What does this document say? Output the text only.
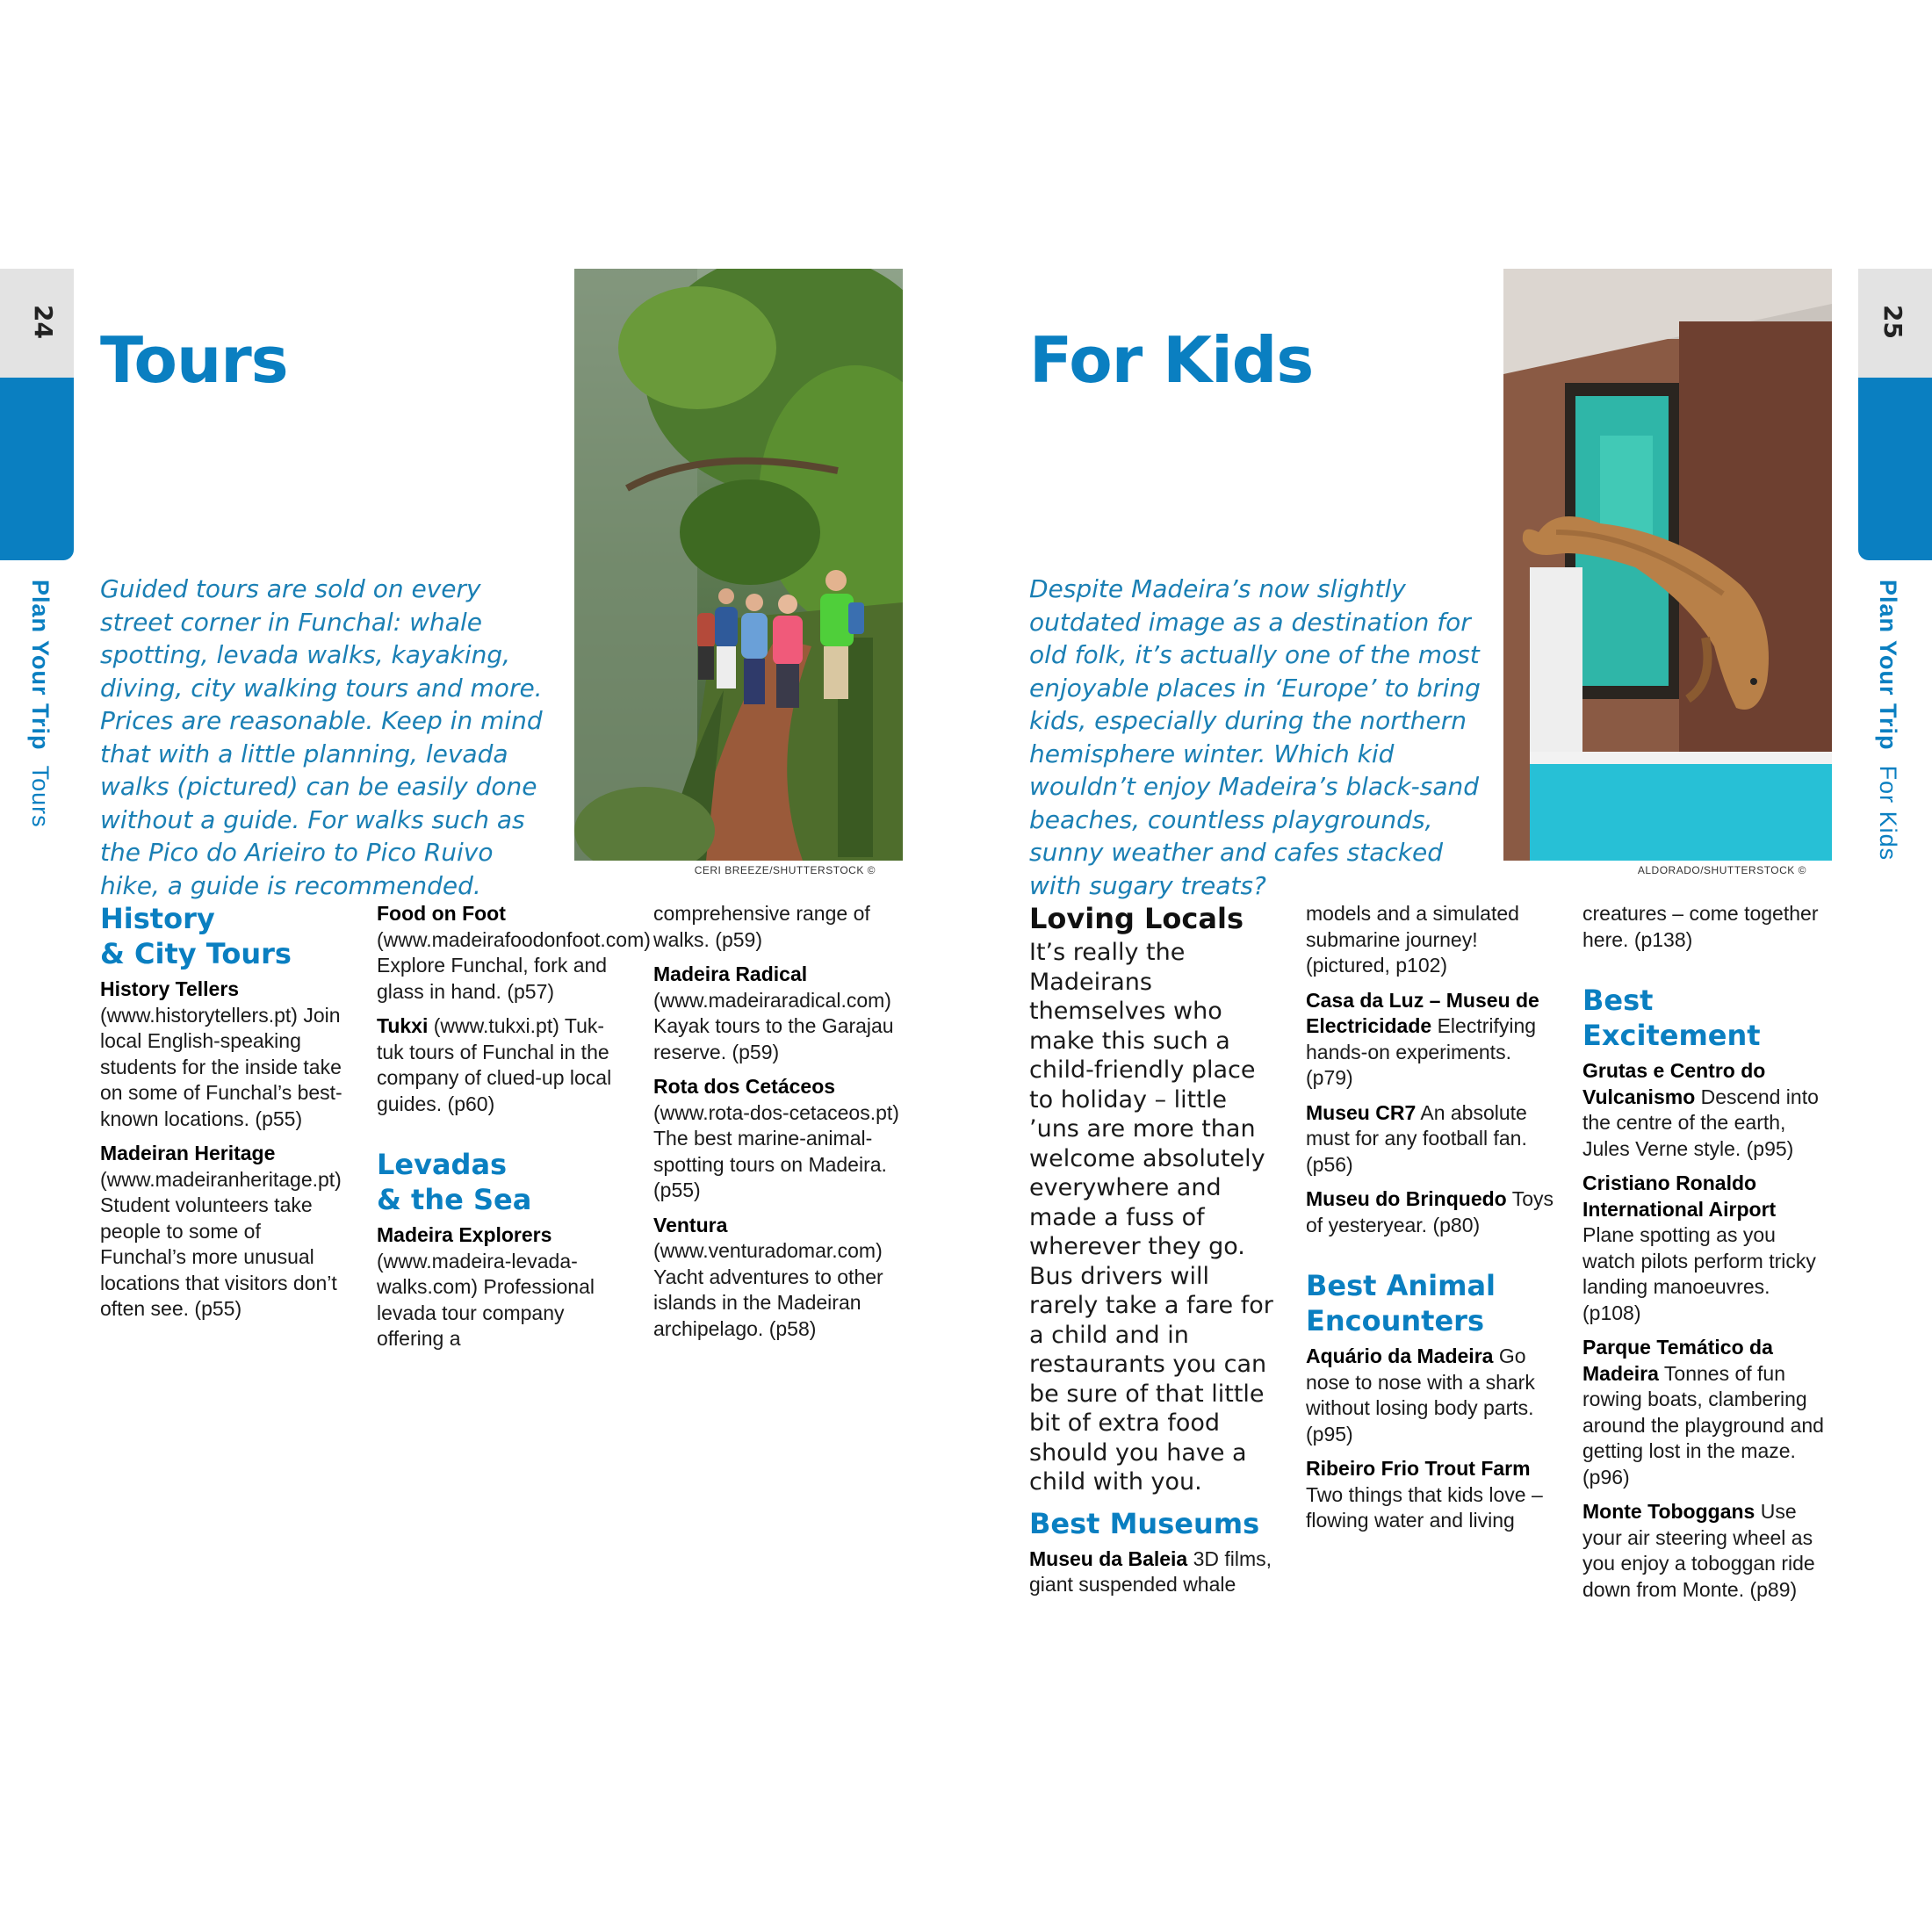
24
Plan Your Trip  Tours
Tours

Guided tours are sold on every street corner in Funchal: whale spotting, levada walks, kayaking, diving, city walking tours and more. Prices are reasonable. Keep in mind that with a little planning, levada walks (pictured) can be easily done without a guide. For walks such as the Pico do Arieiro to Pico Ruivo hike, a guide is recommended.

CERI BREEZE/SHUTTERSTOCK ©
History
& City Tours

History Tellers (www.historytellers.pt) Join local English-speaking students for the inside take on some of Funchal’s best-known locations. (p55)

Madeiran Heritage (www.madeiranheritage.pt) Student volunteers take people to some of Funchal’s more unusual locations that visitors don’t often see. (p55)

Food on Foot (www.madeirafoodonfoot.com) Explore Funchal, fork and glass in hand. (p57)

Tukxi (www.tukxi.pt) Tuk-tuk tours of Funchal in the company of clued-up local guides. (p60)

Levadas
& the Sea

Madeira Explorers (www.madeira-levada-walks.com) Professional levada tour company offering a

comprehensive range of walks. (p59)

Madeira Radical (www.madeiraradical.com) Kayak tours to the Garajau reserve. (p59)

Rota dos Cetáceos (www.rota-dos-cetaceos.pt) The best marine-animal-spotting tours on Madeira. (p55)

Ventura (www.venturadomar.com) Yacht adventures to other islands in the Madeiran archipelago. (p58)

25
Plan Your Trip  For Kids
For Kids

Despite Madeira’s now slightly outdated image as a destination for old folk, it’s actually one of the most enjoyable places in ‘Europe’ to bring kids, especially during the northern hemisphere winter. Which kid wouldn’t enjoy Madeira’s black-sand beaches, countless playgrounds, sunny weather and cafes stacked with sugary treats?

ALDORADO/SHUTTERSTOCK ©
Loving Locals

It’s really the Madeirans themselves who make this such a child-friendly place to holiday – little ’uns are more than welcome absolutely everywhere and made a fuss of wherever they go. Bus drivers will rarely take a fare for a child and in restaurants you can be sure of that little bit of extra food should you have a child with you.

Best Museums

Museu da Baleia 3D films, giant suspended whale

models and a simulated submarine journey! (pictured, p102)

Casa da Luz – Museu de Electricidade Electrifying hands-on experiments. (p79)

Museu CR7 An absolute must for any football fan. (p56)

Museu do Brinquedo Toys of yesteryear. (p80)

Best Animal
Encounters

Aquário da Madeira Go nose to nose with a shark without losing body parts. (p95)

Ribeiro Frio Trout Farm Two things that kids love – flowing water and living

creatures – come together here. (p138)

Best Excitement

Grutas e Centro do Vulcanismo Descend into the centre of the earth, Jules Verne style. (p95)

Cristiano Ronaldo International Airport Plane spotting as you watch pilots perform tricky landing manoeuvres. (p108)

Parque Temático da Madeira Tonnes of fun rowing boats, clambering around the playground and getting lost in the maze. (p96)

Monte Toboggans Use your air steering wheel as you enjoy a toboggan ride down from Monte. (p89)
